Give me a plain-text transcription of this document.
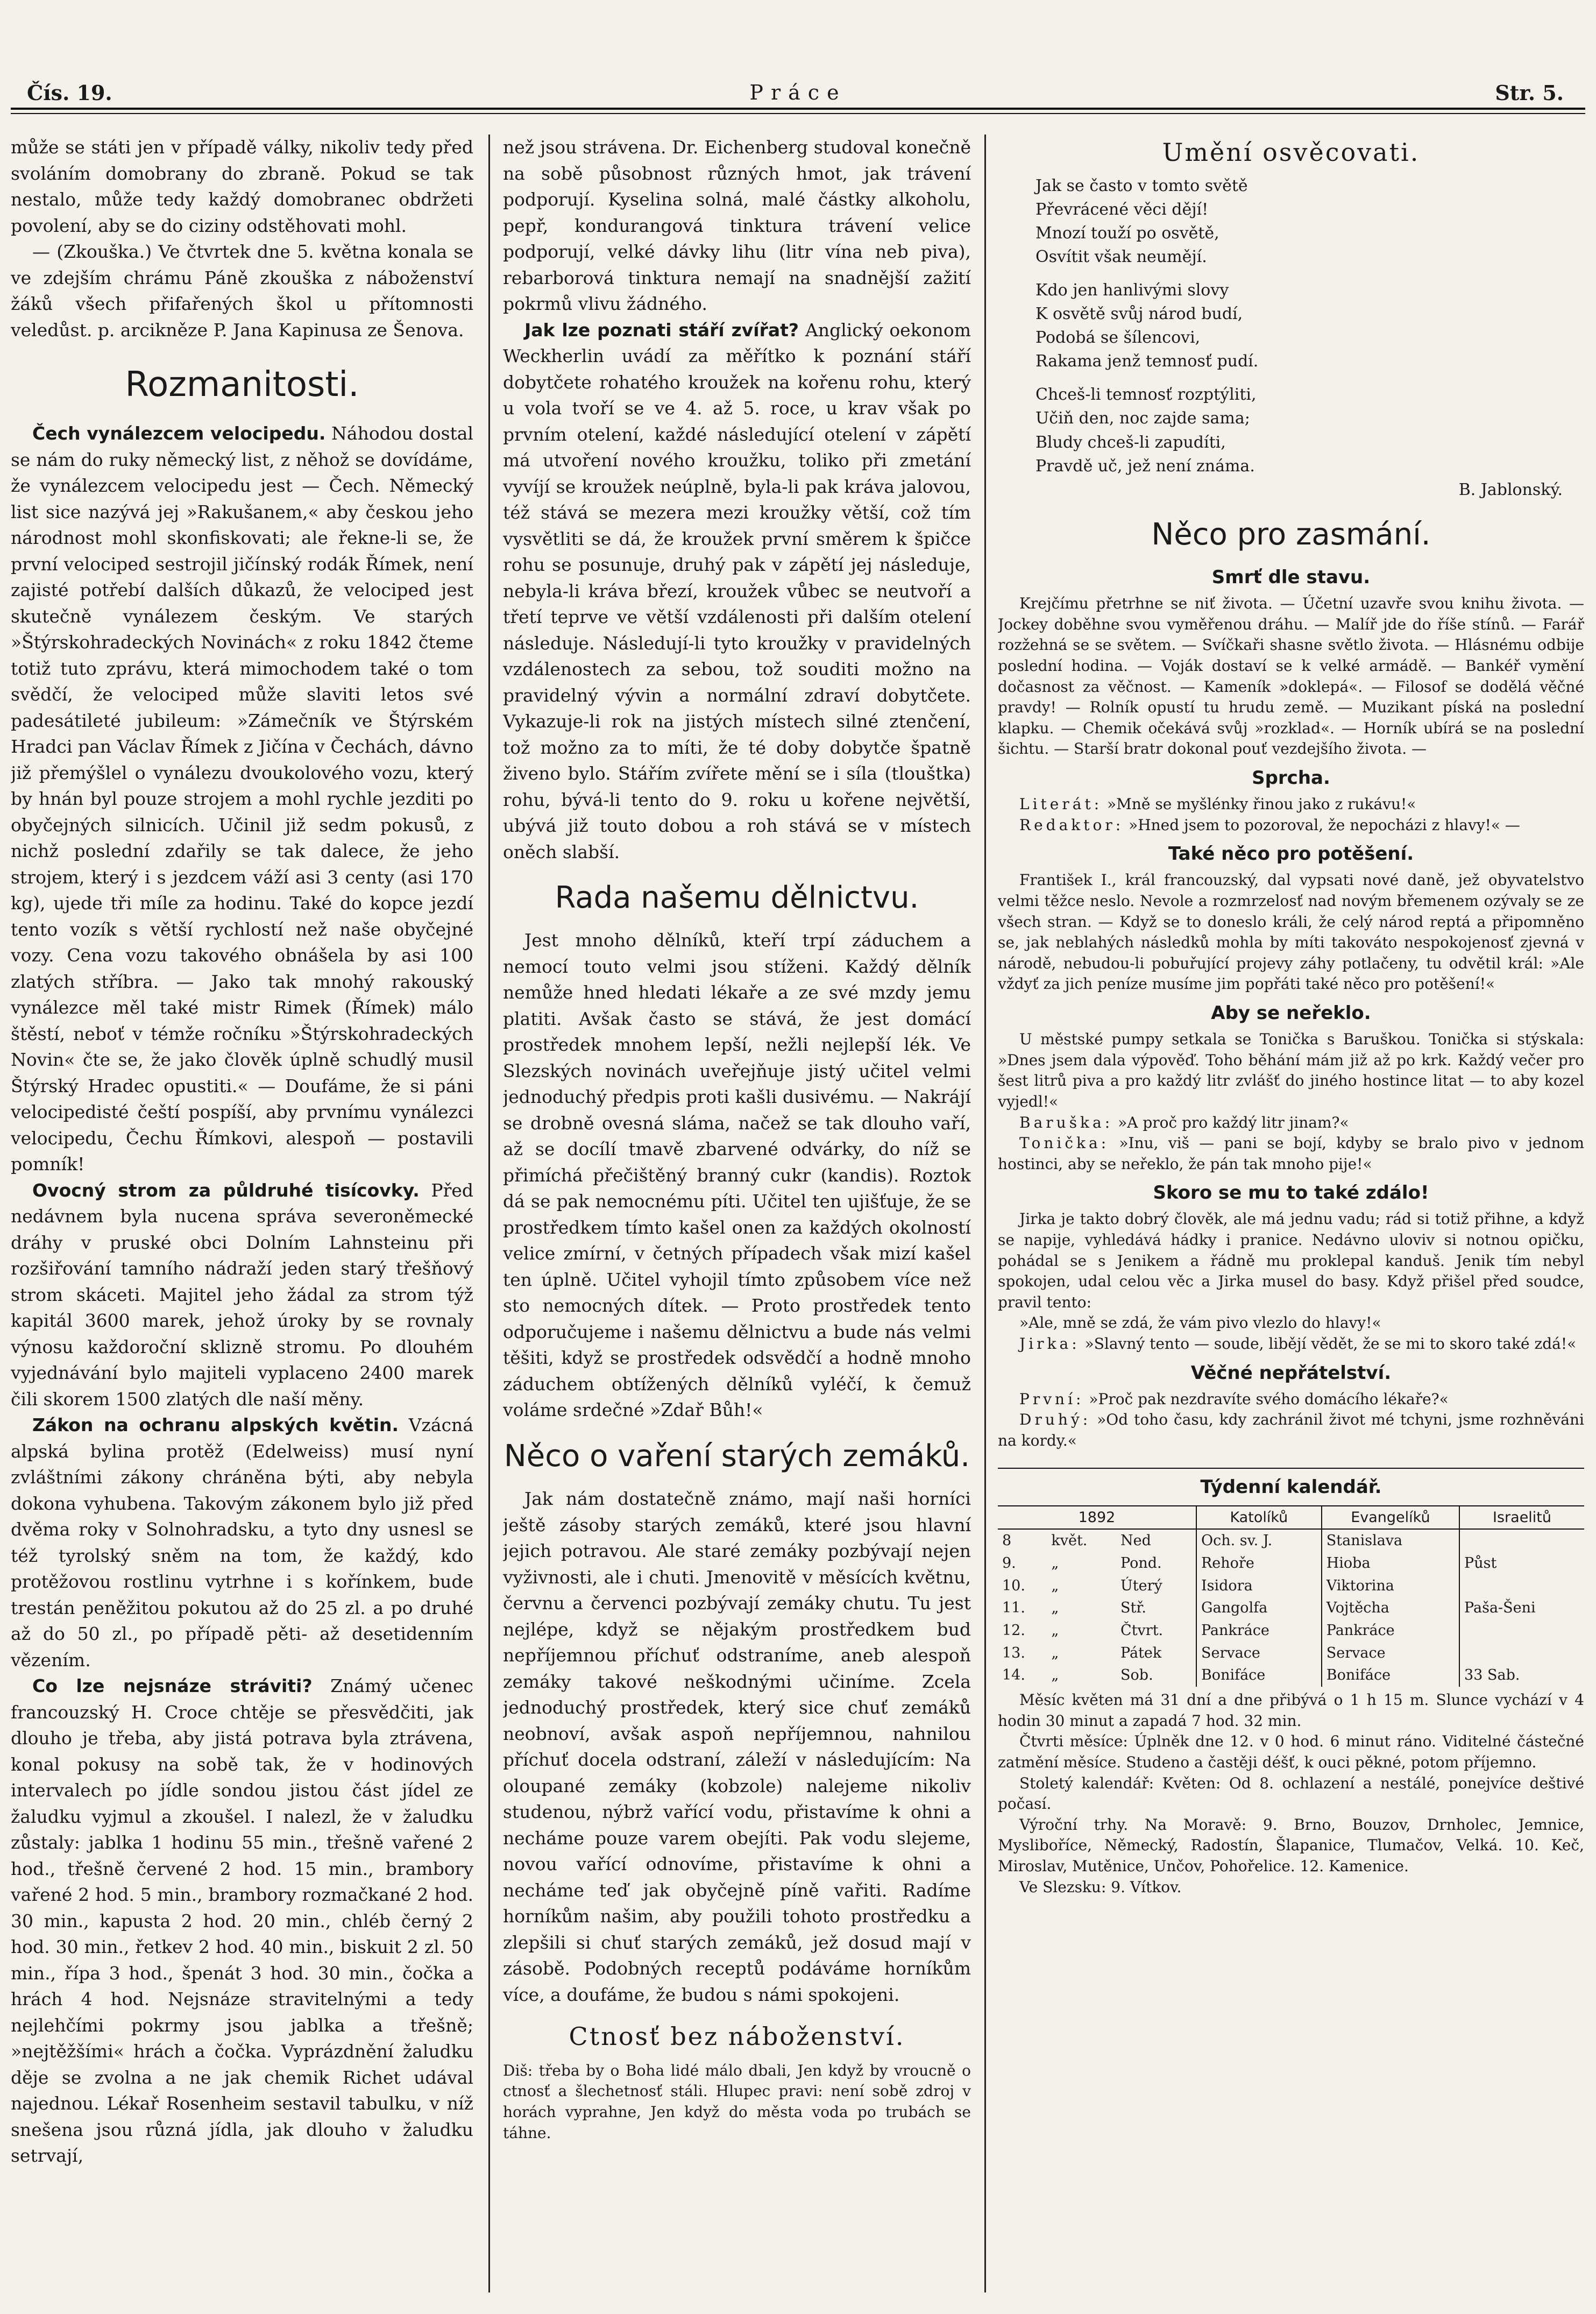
Čís. 19.	Práce	Str. 5.

může se státi jen v případě války, nikoliv tedy před svoláním domobrany do zbraně. Pokud se tak nestalo, může tedy každý domobranec obdržeti povolení, aby se do ciziny odstěhovati mohl.

— (Zkouška.) Ve čtvrtek dne 5. května konala se ve zdejším chrámu Páně zkouška z náboženství žáků všech přifařených škol u přítomnosti veledůst. p. arcikněze P. Jana Kapinusa ze Šenova.

Rozmanitosti.

Čech vynálezcem velocipedu. Náhodou dostal se nám do ruky německý list, z něhož se dovídáme, že vynálezcem velocipedu jest — Čech. Německý list sice nazývá jej »Rakušanem,« aby českou jeho národnost mohl skonfiskovati; ale řekne-li se, že první velociped sestrojil jičínský rodák Římek, není zajisté potřebí dalších důkazů, že velociped jest skutečně vynálezem českým. Ve starých »Štýrskohradeckých Novinách« z roku 1842 čteme totiž tuto zprávu, která mimochodem také o tom svědčí, že velociped může slaviti letos své padesátileté jubileum: »Zámečník ve Štýrském Hradci pan Václav Římek z Jičína v Čechách, dávno již přemýšlel o vynálezu dvoukolového vozu, který by hnán byl pouze strojem a mohl rychle jezditi po obyčejných silnicích. Učinil již sedm pokusů, z nichž poslední zdařily se tak dalece, že jeho strojem, který i s jezdcem váží asi 3 centy (asi 170 kg), ujede tři míle za hodinu. Také do kopce jezdí tento vozík s větší rychlostí než naše obyčejné vozy. Cena vozu takového obnášela by asi 100 zlatých stříbra. — Jako tak mnohý rakouský vynálezce měl také mistr Rimek (Římek) málo štěstí, neboť v témže ročníku »Štýrskohradeckých Novin« čte se, že jako člověk úplně schudlý musil Štýrský Hradec opustiti.« — Doufáme, že si páni velocipedisté čeští pospíší, aby prvnímu vynálezci velocipedu, Čechu Římkovi, alespoň — postavili pomník!

Ovocný strom za půldruhé tisícovky. Před nedávnem byla nucena správa severoněmecké dráhy v pruské obci Dolním Lahnsteinu při rozšiřování tamního nádraží jeden starý třešňový strom skáceti. Majitel jeho žádal za strom týž kapitál 3600 marek, jehož úroky by se rovnaly výnosu každoroční sklizně stromu. Po dlouhém vyjednávání bylo majiteli vyplaceno 2400 marek čili skorem 1500 zlatých dle naší měny.

Zákon na ochranu alpských květin. Vzácná alpská bylina protěž (Edelweiss) musí nyní zvláštními zákony chráněna býti, aby nebyla dokona vyhubena. Takovým zákonem bylo již před dvěma roky v Solnohradsku, a tyto dny usnesl se též tyrolský sněm na tom, že každý, kdo protěžovou rostlinu vytrhne i s kořínkem, bude trestán peněžitou pokutou až do 25 zl. a po druhé až do 50 zl., po případě pěti- až desetidenním vězením.

Co lze nejsnáze stráviti? Známý učenec francouzský H. Croce chtěje se přesvědčiti, jak dlouho je třeba, aby jistá potrava byla ztrávena, konal pokusy na sobě tak, že v hodinových intervalech po jídle sondou jistou část jídel ze žaludku vyjmul a zkoušel. I nalezl, že v žaludku zůstaly: jablka 1 hodinu 55 min., třešně vařené 2 hod., třešně červené 2 hod. 15 min., brambory vařené 2 hod. 5 min., brambory rozmačkané 2 hod. 30 min., kapusta 2 hod. 20 min., chléb černý 2 hod. 30 min., řetkev 2 hod. 40 min., biskuit 2 zl. 50 min., řípa 3 hod., špenát 3 hod. 30 min., čočka a hrách 4 hod. Nejsnáze stravitelnými a tedy nejlehčími pokrmy jsou jablka a třešně; »nejtěžšími« hrách a čočka. Vyprázdnění žaludku děje se zvolna a ne jak chemik Richet udával najednou. Lékař Rosenheim sestavil tabulku, v níž snešena jsou různá jídla, jak dlouho v žaludku setrvají,

než jsou strávena. Dr. Eichenberg studoval konečně na sobě působnost různých hmot, jak trávení podporují. Kyselina solná, malé částky alkoholu, pepř, kondurangová tinktura trávení velice podporují, velké dávky lihu (litr vína neb piva), rebarborová tinktura nemají na snadnější zažití pokrmů vlivu žádného.

Jak lze poznati stáří zvířat? Anglický oekonom Weckherlin uvádí za měřítko k poznání stáří dobytčete rohatého kroužek na kořenu rohu, který u vola tvoří se ve 4. až 5. roce, u krav však po prvním otelení, každé následující otelení v zápětí má utvoření nového kroužku, toliko při zmetání vyvíjí se kroužek neúplně, byla-li pak kráva jalovou, též stává se mezera mezi kroužky větší, což tím vysvětliti se dá, že kroužek první směrem k špičce rohu se posunuje, druhý pak v zápětí jej následuje, nebyla-li kráva březí, kroužek vůbec se neutvoří a třetí teprve ve větší vzdálenosti při dalším otelení následuje. Následují-li tyto kroužky v pravidelných vzdálenostech za sebou, tož souditi možno na pravidelný vývin a normální zdraví dobytčete. Vykazuje-li rok na jistých místech silné ztenčení, tož možno za to míti, že té doby dobytče špatně živeno bylo. Stářím zvířete mění se i síla (tlouštka) rohu, bývá-li tento do 9. roku u kořene největší, ubývá již touto dobou a roh stává se v místech oněch slabší.

Rada našemu dělnictvu.

Jest mnoho dělníků, kteří trpí záduchem a nemocí touto velmi jsou stíženi. Každý dělník nemůže hned hledati lékaře a ze své mzdy jemu platiti. Avšak často se stává, že jest domácí prostředek mnohem lepší, nežli nejlepší lék. Ve Slezských novinách uveřejňuje jistý učitel velmi jednoduchý předpis proti kašli dusivému. — Nakrájí se drobně ovesná sláma, načež se tak dlouho vaří, až se docílí tmavě zbarvené odvárky, do níž se přimíchá přečištěný branný cukr (kandis). Roztok dá se pak nemocnému píti. Učitel ten ujišťuje, že se prostředkem tímto kašel onen za každých okolností velice zmírní, v četných případech však mizí kašel ten úplně. Učitel vyhojil tímto způsobem více než sto nemocných dítek. — Proto prostředek tento odporučujeme i našemu dělnictvu a bude nás velmi těšiti, když se prostředek odsvědčí a hodně mnoho záduchem obtížených dělníků vyléčí, k čemuž voláme srdečné »Zdař Bůh!«

Něco o vaření starých zemáků.

Jak nám dostatečně známo, mají naši horníci ještě zásoby starých zemáků, které jsou hlavní jejich potravou. Ale staré zemáky pozbývají nejen vyživnosti, ale i chuti. Jmenovitě v měsících květnu, červnu a červenci pozbývají zemáky chutu. Tu jest nejlépe, když se nějakým prostředkem bud nepříjemnou příchuť odstraníme, aneb alespoň zemáky takové neškodnými učiníme. Zcela jednoduchý prostředek, který sice chuť zemáků neobnoví, avšak aspoň nepříjemnou, nahnilou příchuť docela odstraní, záleží v následujícím: Na oloupané zemáky (kobzole) nalejeme nikoliv studenou, nýbrž vařící vodu, přistavíme k ohni a necháme pouze varem obejíti. Pak vodu slejeme, novou vařící odnovíme, přistavíme k ohni a necháme teď jak obyčejně píně vařiti. Radíme horníkům našim, aby použili tohoto prostředku a zlepšili si chuť starých zemáků, jež dosud mají v zásobě. Podobných receptů podáváme horníkům více, a doufáme, že budou s námi spokojeni.

Ctnosť bez náboženství.

Diš: třeba by o Boha lidé málo dbali, Jen když by vroucně o ctnosť a šlechetnosť stáli. Hlupec pravi: není sobě zdroj v horách vyprahne, Jen když do města voda po trubách se táhne.

Umění osvěcovati.
Jak se často v tomto světě
Převrácené věci dějí!
Mnozí touží po osvětě,
Osvítit však neumějí.
Kdo jen hanlivými slovy
K osvětě svůj národ budí,
Podobá se šílencovi,
Rakama jenž temnosť pudí.
Chceš-li temnosť rozptýliti,
Učiň den, noc zajde sama;
Bludy chceš-li zapudíti,
Pravdě uč, jež není známa.

B. Jablonský.

Něco pro zasmání.
Smrť dle stavu.

Krejčímu přetrhne se niť života. — Účetní uzavře svou knihu života. — Jockey doběhne svou vyměřenou dráhu. — Malíř jde do říše stínů. — Farář rozžehná se se světem. — Svíčkaři shasne světlo života. — Hlásnému odbije poslední hodina. — Voják dostaví se k velké armádě. — Bankéř vymění dočasnost za věčnost. — Kameník »doklepá«. — Filosof se dodělá věčné pravdy! — Rolník opustí tu hrudu země. — Muzikant píská na poslední klapku. — Chemik očekává svůj »rozklad«. — Horník ubírá se na poslední šichtu. — Starší bratr dokonal pouť vezdejšího života. —

Sprcha.

Literát: »Mně se myšlénky řinou jako z rukávu!«

Redaktor: »Hned jsem to pozoroval, že nepocházi z hlavy!« —

Také něco pro potěšení.

František I., král francouzský, dal vypsati nové daně, jež obyvatelstvo velmi těžce neslo. Nevole a rozmrzelosť nad novým břemenem ozývaly se ze všech stran. — Když se to doneslo králi, že celý národ reptá a připomněno se, jak neblahých následků mohla by míti takováto nespokojenosť zjevná v národě, nebudou-li pobuřující projevy záhy potlačeny, tu odvětil král: »Ale vždyť za jich peníze musíme jim popřáti také něco pro potěšení!«

Aby se neřeklo.

U městské pumpy setkala se Tonička s Baruškou. Tonička si stýskala: »Dnes jsem dala výpověď. Toho běhání mám již až po krk. Každý večer pro šest litrů piva a pro každý litr zvlášť do jiného hostince litat — to aby kozel vyjedl!«

Baruška: »A proč pro každý litr jinam?«

Tonička: »Inu, viš — pani se bojí, kdyby se bralo pivo v jednom hostinci, aby se neřeklo, že pán tak mnoho pije!«

Skoro se mu to také zdálo!

Jirka je takto dobrý člověk, ale má jednu vadu; rád si totiž přihne, a když se napije, vyhledává hádky i pranice. Nedávno uloviv si notnou opičku, pohádal se s Jenikem a řádně mu proklepal kanduš. Jenik tím nebyl spokojen, udal celou věc a Jirka musel do basy. Když přišel před soudce, pravil tento:

»Ale, mně se zdá, že vám pivo vlezlo do hlavy!«

Jirka: »Slavný tento — soude, libějí vědět, že se mi to skoro také zdá!«

Věčné nepřátelství.

První: »Proč pak nezdravíte svého domácího lékaře?«

Druhý: »Od toho času, kdy zachránil život mé tchyni, jsme rozhněváni na kordy.«

Týdenní kalendář.
1892			Katolíků	Evangelíků	Israelitů
8	květ.	Ned	Och. sv. J.	Stanislava	
9.	„	Pond.	Rehoře	Hioba	Půst
10.	„	Úterý	Isidora	Viktorina	
11.	„	Stř.	Gangolfa	Vojtěcha	Paša-Šeni
12.	„	Čtvrt.	Pankráce	Pankráce	
13.	„	Pátek	Servace	Servace	
14.	„	Sob.	Bonifáce	Bonifáce	33 Sab.

Měsíc květen má 31 dní a dne přibývá o 1 h 15 m. Slunce vychází v 4 hodin 30 minut a zapadá 7 hod. 32 min.

Čtvrti měsíce: Úplněk dne 12. v 0 hod. 6 minut ráno. Viditelné částečné zatmění měsíce. Studeno a častěji déšť, k ouci pěkné, potom příjemno.

Stoletý kalendář: Květen: Od 8. ochlazení a nestálé, ponejvíce deštivé počasí.

Výroční trhy. Na Moravě: 9. Brno, Bouzov, Drnholec, Jemnice, Mysliboříce, Německý, Radostín, Šlapanice, Tlumačov, Velká. 10. Keč, Miroslav, Mutěnice, Unčov, Pohořelice. 12. Kamenice.

Ve Slezsku: 9. Vítkov.
